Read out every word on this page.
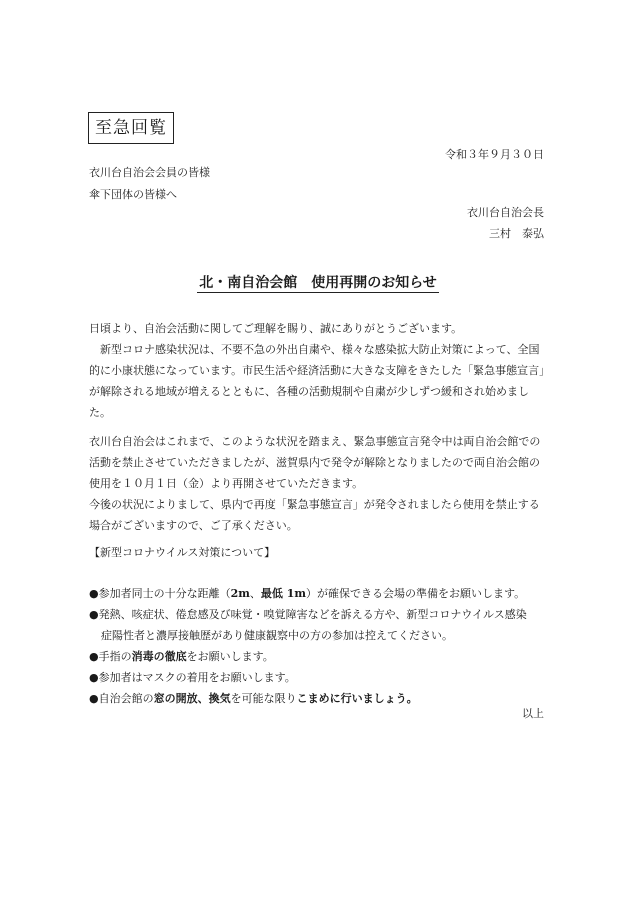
至急回覧
令和３年９月３０日
衣川台自治会会員の皆様
傘下団体の皆様へ
衣川台自治会長
三村　泰弘
北・南自治会館　使用再開のお知らせ

日頃より、自治会活動に関してご理解を賜り、誠にありがとうございます。

新型コロナ感染状況は、不要不急の外出自粛や、様々な感染拡大防止対策によって、全国的に小康状態になっています。市民生活や経済活動に大きな支障をきたした「緊急事態宣言」が解除される地域が増えるとともに、各種の活動規制や自粛が少しずつ緩和され始めました。

衣川台自治会はこれまで、このような状況を踏まえ、緊急事態宣言発令中は両自治会館での活動を禁止させていただきましたが、滋賀県内で発令が解除となりましたので両自治会館の使用を１０月１日（金）より再開させていただきます。

今後の状況によりまして、県内で再度「緊急事態宣言」が発令されましたら使用を禁止する場合がございますので、ご了承ください。

【新型コロナウイルス対策について】

●参加者同士の十分な距離（2m、最低 1m）が確保できる会場の準備をお願いします。

●発熱、咳症状、倦怠感及び味覚・嗅覚障害などを訴える方や、新型コロナウイルス感染

症陽性者と濃厚接触歴があり健康観察中の方の参加は控えてください。

●手指の消毒の徹底をお願いします。

●参加者はマスクの着用をお願いします。

●自治会館の窓の開放、換気を可能な限りこまめに行いましょう。

以上
